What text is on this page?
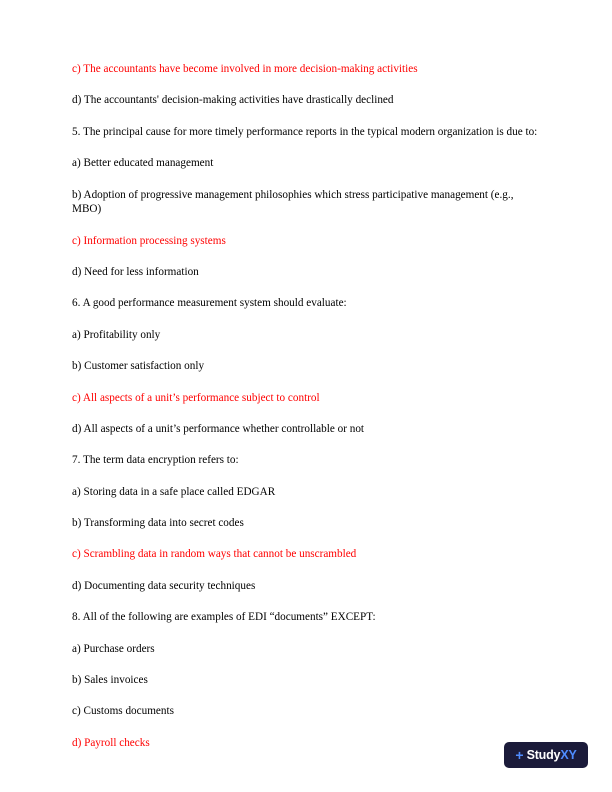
c) The accountants have become involved in more decision-making activities

d) The accountants' decision-making activities have drastically declined

5. The principal cause for more timely performance reports in the typical modern organization is due to:

a) Better educated management

b) Adoption of progressive management philosophies which stress participative management (e.g., MBO)

c) Information processing systems

d) Need for less information

6. A good performance measurement system should evaluate:

a) Profitability only

b) Customer satisfaction only

c) All aspects of a unit’s performance subject to control

d) All aspects of a unit’s performance whether controllable or not

7. The term data encryption refers to:

a) Storing data in a safe place called EDGAR

b) Transforming data into secret codes

c) Scrambling data in random ways that cannot be unscrambled

d) Documenting data security techniques

8. All of the following are examples of EDI “documents” EXCEPT:

a) Purchase orders

b) Sales invoices

c) Customs documents

d) Payroll checks

+ StudyXY
